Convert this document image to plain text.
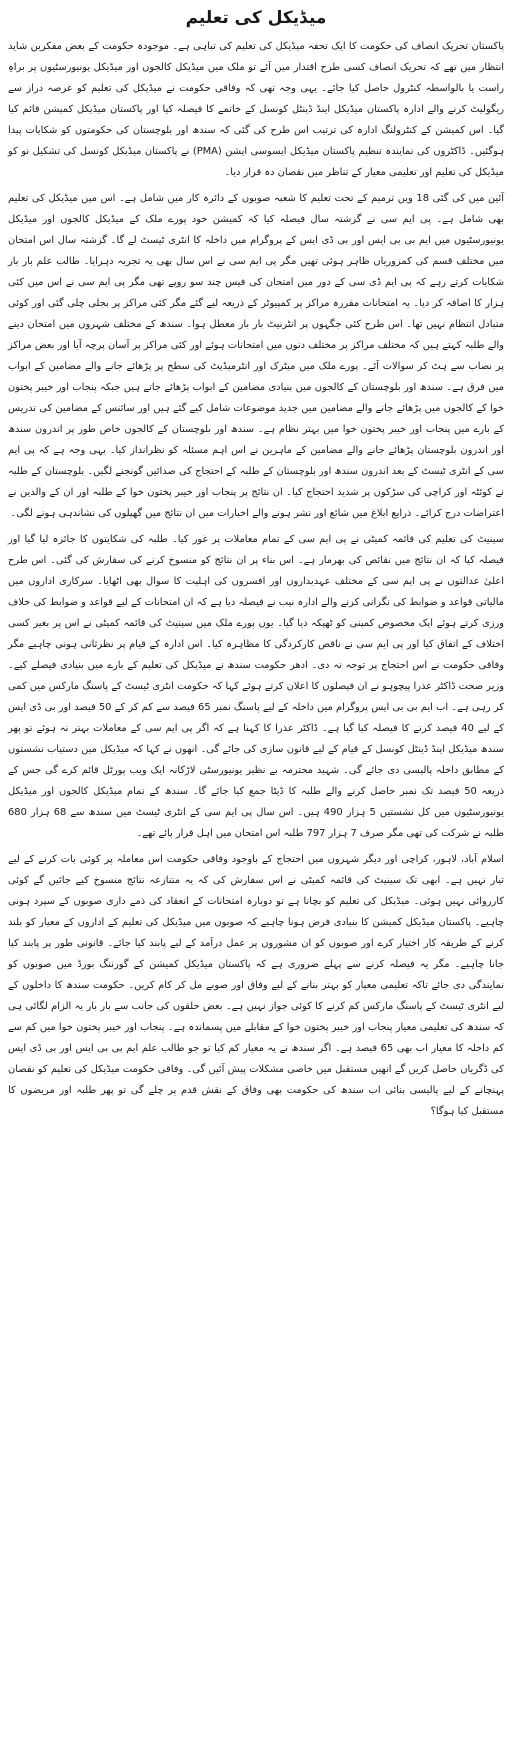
میڈیکل کی تعلیم

پاکستان تحریک انصاف کی حکومت کا ایک تحفہ میڈیکل کی تعلیم کی تباہی ہے۔ موجودہ حکومت کے بعض مفکرین شاید انتظار میں تھے کہ تحریک انصاف کسی طرح اقتدار میں آئے تو ملک میں میڈیکل کالجوں اور میڈیکل یونیورسٹیوں پر براہِ راست یا بالواسطہ کنٹرول حاصل کیا جائے۔ یہی وجہ تھی کہ وفاقی حکومت نے میڈیکل کی تعلیم کو عرصہ دراز سے ریگولیٹ کرنے والے ادارہ پاکستان میڈیکل اینڈ ڈینٹل کونسل کے خاتمے کا فیصلہ کیا اور پاکستان میڈیکل کمیشن قائم کیا گیا۔ اس کمیشن کے کنٹرولنگ ادارہ کی ترتیب اس طرح کی گئی کہ سندھ اور بلوچستان کی حکومتوں کو شکایات پیدا ہوگئیں۔ ڈاکٹروں کی نمایندہ تنظیم پاکستان میڈیکل ایسوسی ایشن (PMA) نے پاکستان میڈیکل کونسل کی تشکیل نو کو میڈیکل کی تعلیم اور تعلیمی معیار کے تناظر میں نقصان دہ قرار دیا۔

آئین میں کی گئی 18 ویں ترمیم کے تحت تعلیم کا شعبہ صوبوں کے دائرہ کار میں شامل ہے۔ اس میں میڈیکل کی تعلیم بھی شامل ہے۔ پی ایم سی نے گزشتہ سال فیصلہ کیا کہ کمیشن خود پورے ملک کے میڈیکل کالجوں اور میڈیکل یونیورسٹیوں میں ایم بی بی ایس اور بی ڈی ایس کے پروگرام میں داخلہ کا انٹری ٹیسٹ لے گا۔ گزشتہ سال اس امتحان میں مختلف قسم کی کمزوریاں ظاہر ہوئی تھیں مگر پی ایم سی نے اس سال بھی یہ تجربہ دہرایا۔ طالب علم بار بار شکایات کرتے رہے کہ پی ایم ڈی سی کے دور میں امتحان کی فیس چند سو روپے تھی مگر پی ایم سی نے اس میں کئی ہزار کا اضافہ کر دیا۔ یہ امتحانات مقررہ مراکز پر کمپیوٹر کے ذریعہ لیے گئے مگر کئی مراکز پر بجلی چلی گئی اور کوئی متبادل انتظام نہیں تھا۔ اس طرح کئی جگہوں پر انٹرنیٹ بار بار معطل ہوا۔ سندھ کے مختلف شہروں میں امتحان دینے والے طلبہ کہتے ہیں کہ مختلف مراکز پر مختلف دنوں میں امتحانات ہوئے اور کئی مراکز پر آسان پرچہ آیا اور بعض مراکز پر نصاب سے ہٹ کر سوالات آئے۔ پورے ملک میں میٹرک اور انٹرمیڈیٹ کی سطح پر پڑھائے جانے والے مضامین کے ابواب میں فرق ہے۔ سندھ اور بلوچستان کے کالجوں میں بنیادی مضامین کے ابواب پڑھائے جاتے ہیں جبکہ پنجاب اور خیبر پختون خوا کے کالجوں میں پڑھائے جانے والے مضامین میں جدید موضوعات شامل کیے گئے ہیں اور سائنس کے مضامین کی تدریس کے بارے میں پنجاب اور خیبر پختون خوا میں بہتر نظام ہے۔ سندھ اور بلوچستان کے کالجوں خاص طور پر اندرون سندھ اور اندرون بلوچستان پڑھائے جانے والے مضامین کے ماہرین نے اس اہم مسئلہ کو نظرانداز کیا۔ یہی وجہ ہے کہ پی ایم سی کے انٹری ٹیسٹ کے بعد اندرون سندھ اور بلوچستان کے طلبہ کے احتجاج کی صدائیں گونجنے لگیں۔ بلوچستان کے طلبہ نے کوئٹہ اور کراچی کی سڑکوں پر شدید احتجاج کیا۔ ان نتائج پر پنجاب اور خیبر پختون خوا کے طلبہ اور ان کے والدین نے اعتراضات درج کرائے۔ ذرایع ابلاغ میں شائع اور نشر ہونے والے اخبارات میں ان نتائج میں گھپلوں کی نشاندہی ہونے لگی۔

سینیٹ کی تعلیم کی قائمہ کمیٹی نے پی ایم سی کے تمام معاملات پر غور کیا۔ طلبہ کی شکایتوں کا جائزہ لیا گیا اور فیصلہ کیا کہ ان نتائج میں نقائص کی بھرمار ہے۔ اس بناء پر ان نتائج کو منسوخ کرنے کی سفارش کی گئی۔ اس طرح اعلیٰ عدالتوں نے پی ایم سی کے مختلف عہدیداروں اور افسروں کی اہلیت کا سوال بھی اٹھایا۔ سرکاری اداروں میں مالیاتی قواعد و ضوابط کی نگرانی کرنے والے ادارہ نیب نے فیصلہ دیا ہے کہ ان امتحانات کے لیے قواعد و ضوابط کی خلاف ورزی کرتے ہوئے ایک مخصوص کمپنی کو ٹھیکہ دیا گیا۔ یوں پورے ملک میں سینیٹ کی قائمہ کمیٹی نے اس پر بغیر کسی اختلاف کے اتفاق کیا اور پی ایم سی نے ناقص کارکردگی کا مظاہرہ کیا۔ اس ادارہ کے قیام پر نظرثانی ہونی چاہیے مگر وفاقی حکومت نے اس احتجاج پر توجہ نہ دی۔ ادھر حکومت سندھ نے میڈیکل کی تعلیم کے بارے میں بنیادی فیصلے کیے۔ وزیر صحت ڈاکٹر عذرا پیچوہو نے ان فیصلوں کا اعلان کرتے ہوئے کہا کہ حکومت انٹری ٹیسٹ کے پاسنگ مارکس میں کمی کر رہی ہے۔ اب ایم بی بی ایس پروگرام میں داخلہ کے لیے پاسنگ نمبر 65 فیصد سے کم کر کے 50 فیصد اور بی ڈی ایس کے لیے 40 فیصد کرنے کا فیصلہ کیا گیا ہے۔ ڈاکٹر عذرا کا کہنا ہے کہ اگر پی ایم سی کے معاملات بہتر نہ ہوئے تو پھر سندھ میڈیکل اینڈ ڈینٹل کونسل کے قیام کے لیے قانون سازی کی جائے گی۔ انھوں نے کہا کہ میڈیکل میں دستیاب نشستوں کے مطابق داخلہ پالیسی دی جائے گی۔ شہید محترمہ بے نظیر یونیورسٹی لاڑکانہ ایک ویب پورٹل قائم کرے گی جس کے ذریعہ 50 فیصد تک نمبر حاصل کرنے والے طلبہ کا ڈیٹا جمع کیا جائے گا۔ سندھ کے تمام میڈیکل کالجوں اور میڈیکل یونیورسٹیوں میں کل نشستیں 5 ہزار 490 ہیں۔ اس سال پی ایم سی کے انٹری ٹیسٹ میں سندھ سے 68 ہزار 680 طلبہ نے شرکت کی تھی مگر صرف 7 ہزار 797 طلبہ اس امتحان میں اہل قرار پائے تھے۔

اسلام آباد، لاہور، کراچی اور دیگر شہروں میں احتجاج کے باوجود وفاقی حکومت اس معاملہ پر کوئی بات کرنے کے لیے تیار نہیں ہے۔ ابھی تک سینیٹ کی قائمہ کمیٹی نے اس سفارش کی کہ یہ متنازعہ نتائج منسوخ کیے جائیں گے کوئی کارروائی نہیں ہوئی۔ میڈیکل کی تعلیم کو بچانا ہے تو دوبارہ امتحانات کے انعقاد کی ذمے داری صوبوں کے سپرد ہونی چاہیے۔ پاکستان میڈیکل کمیشن کا بنیادی فرض ہونا چاہیے کہ صوبوں میں میڈیکل کی تعلیم کے اداروں کے معیار کو بلند کرنے کے طریقہ کار اختیار کرے اور صوبوں کو ان مشوروں پر عمل درآمد کے لیے پابند کیا جائے۔ قانونی طور پر پابند کیا جانا چاہیے۔ مگر یہ فیصلہ کرنے سے پہلے ضروری ہے کہ پاکستان میڈیکل کمیشن کے گورننگ بورڈ میں صوبوں کو نمایندگی دی جائے تاکہ تعلیمی معیار کو بہتر بنانے کے لیے وفاق اور صوبے مل کر کام کریں۔ حکومت سندھ کا داخلوں کے لیے انٹری ٹیسٹ کے پاسنگ مارکس کم کرنے کا کوئی جواز نہیں ہے۔ بعض حلقوں کی جانب سے بار بار یہ الزام لگائی ہی کہ سندھ کی تعلیمی معیار پنجاب اور خیبر پختون خوا کے مقابلے میں پسماندہ ہے۔ پنجاب اور خیبر پختون خوا میں کم سے کم داخلہ کا معیار اب بھی 65 فیصد ہے۔ اگر سندھ نے یہ معیار کم کیا تو جو طالب علم ایم بی بی ایس اور بی ڈی ایس کی ڈگریاں حاصل کریں گے انھیں مستقبل میں خاصی مشکلات پیش آئیں گی۔ وفاقی حکومت میڈیکل کی تعلیم کو نقصان پہنچانے کے لیے پالیسی بنائی اب سندھ کی حکومت بھی وفاق کے نقش قدم پر چلے گی تو پھر طلبہ اور مریضوں کا مستقبل کیا ہوگا؟
